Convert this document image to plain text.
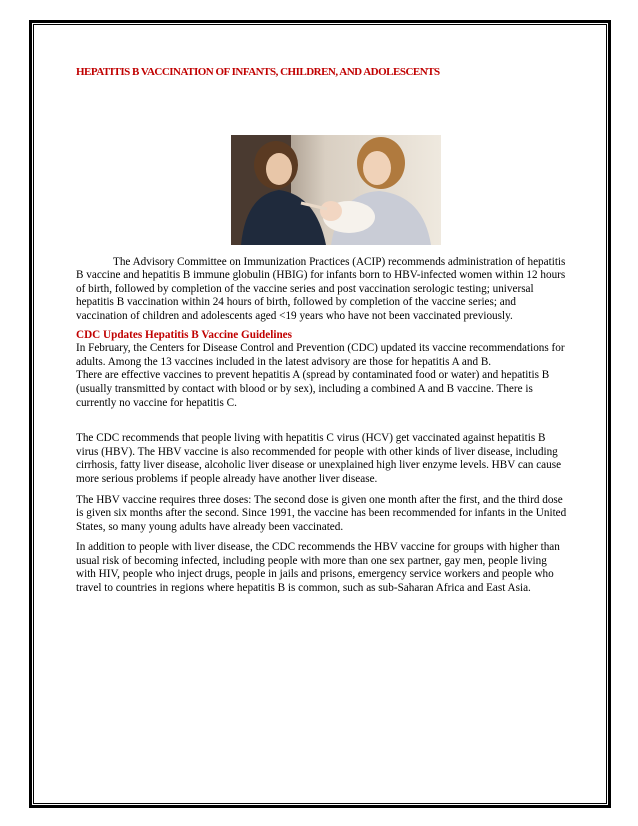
HEPATITIS B VACCINATION OF INFANTS, CHILDREN, AND ADOLESCENTS

The Advisory Committee on Immunization Practices (ACIP) recommends administration of hepatitis B vaccine and hepatitis B immune globulin (HBIG) for infants born to HBV-infected women within 12 hours of birth, followed by completion of the vaccine series and post vaccination serologic testing; universal hepatitis B vaccination within 24 hours of birth, followed by completion of the vaccine series; and vaccination of children and adolescents aged <19 years who have not been vaccinated previously.

CDC Updates Hepatitis B Vaccine Guidelines

In February, the Centers for Disease Control and Prevention (CDC) updated its vaccine recommendations for adults. Among the 13 vaccines included in the latest advisory are those for hepatitis A and B.

There are effective vaccines to prevent hepatitis A (spread by contaminated food or water) and hepatitis B (usually transmitted by contact with blood or by sex), including a combined A and B vaccine. There is currently no vaccine for hepatitis C.

The CDC recommends that people living with hepatitis C virus (HCV) get vaccinated against hepatitis B virus (HBV). The HBV vaccine is also recommended for people with other kinds of liver disease, including cirrhosis, fatty liver disease, alcoholic liver disease or unexplained high liver enzyme levels. HBV can cause more serious problems if people already have another liver disease.

The HBV vaccine requires three doses: The second dose is given one month after the first, and the third dose is given six months after the second. Since 1991, the vaccine has been recommended for infants in the United States, so many young adults have already been vaccinated.

In addition to people with liver disease, the CDC recommends the HBV vaccine for groups with higher than usual risk of becoming infected, including people with more than one sex partner, gay men, people living with HIV, people who inject drugs, people in jails and prisons, emergency service workers and people who travel to countries in regions where hepatitis B is common, such as sub-Saharan Africa and East Asia.
